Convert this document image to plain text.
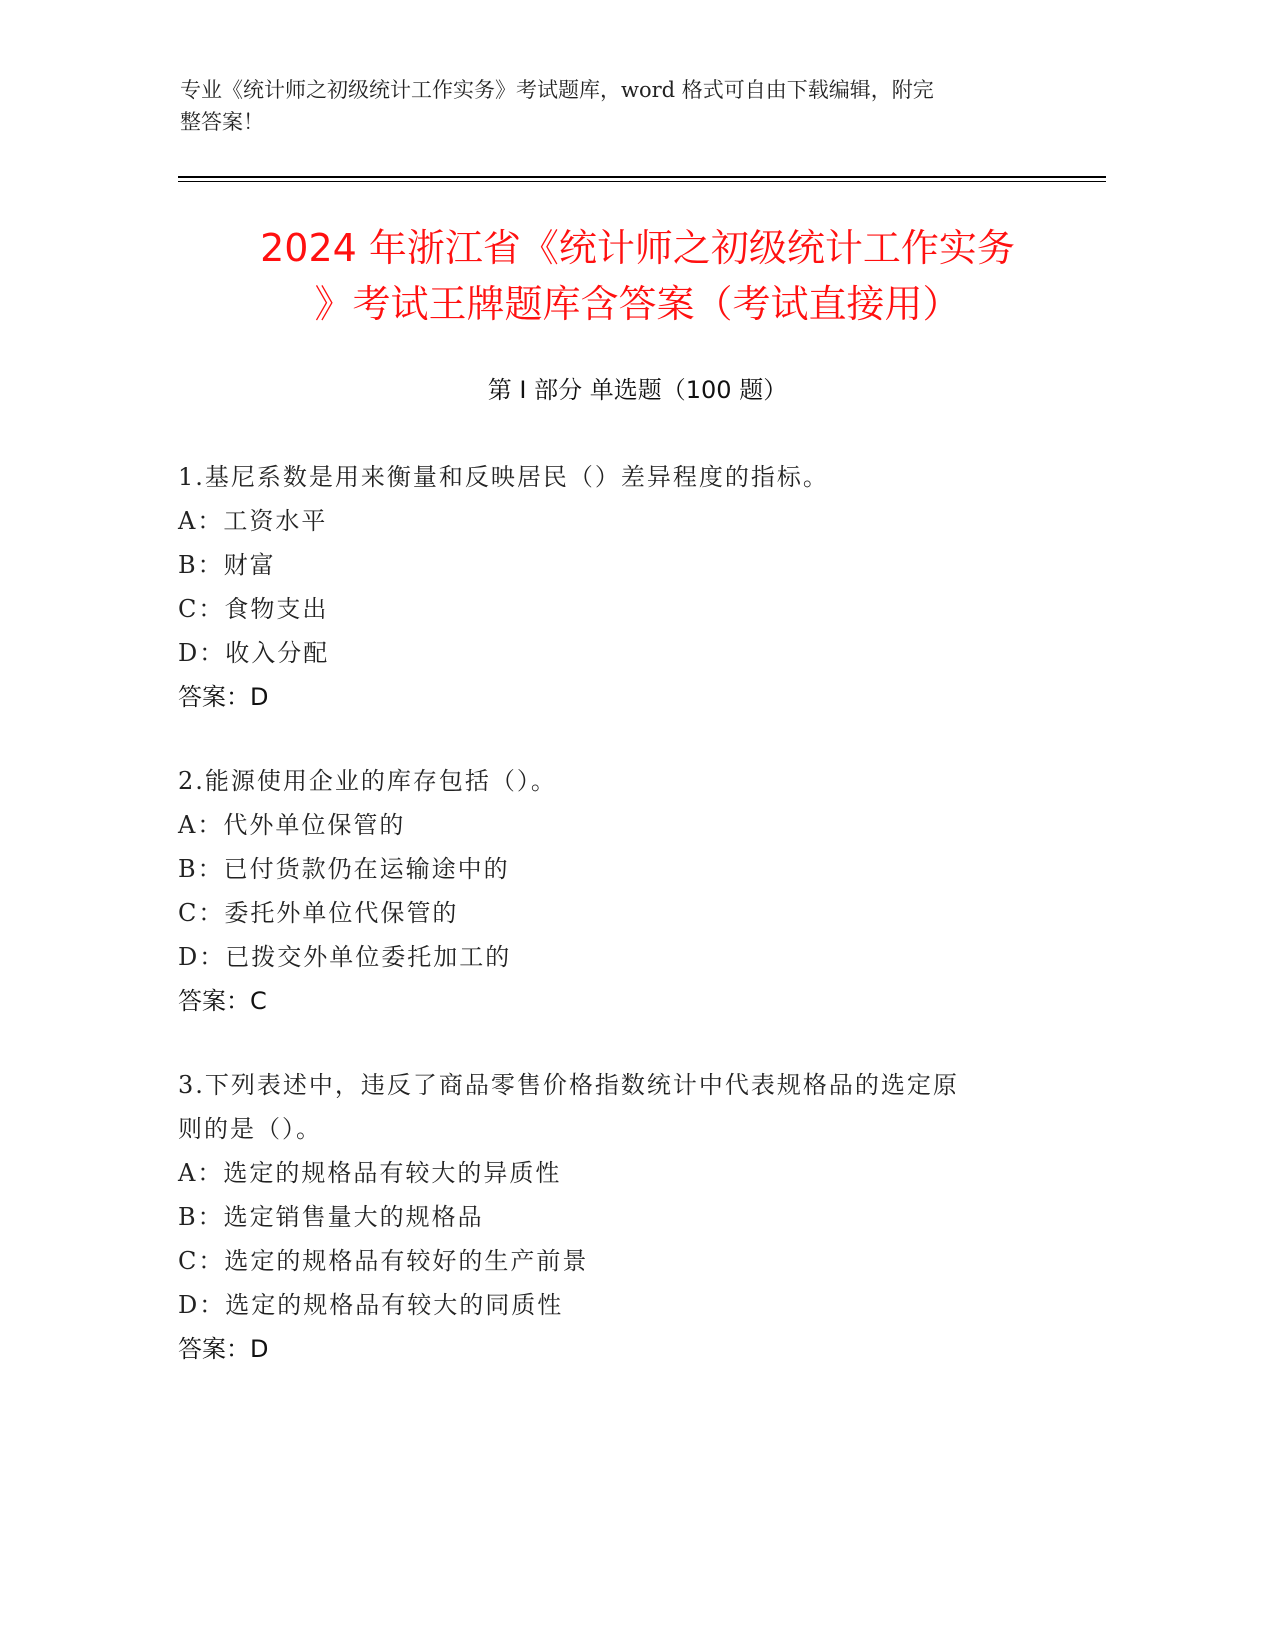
专业《统计师之初级统计工作实务》考试题库，word 格式可自由下载编辑，附完
整答案！
2024 年浙江省《统计师之初级统计工作实务
》考试王牌题库含答案（考试直接用）
第 I 部分 单选题（100 题）
1.基尼系数是用来衡量和反映居民（）差异程度的指标。
A：工资水平
B：财富
C：食物支出
D：收入分配
答案：D
2.能源使用企业的库存包括（）。
A：代外单位保管的
B：已付货款仍在运输途中的
C：委托外单位代保管的
D：已拨交外单位委托加工的
答案：C
3.下列表述中，违反了商品零售价格指数统计中代表规格品的选定原
则的是（）。
A：选定的规格品有较大的异质性
B：选定销售量大的规格品
C：选定的规格品有较好的生产前景
D：选定的规格品有较大的同质性
答案：D
